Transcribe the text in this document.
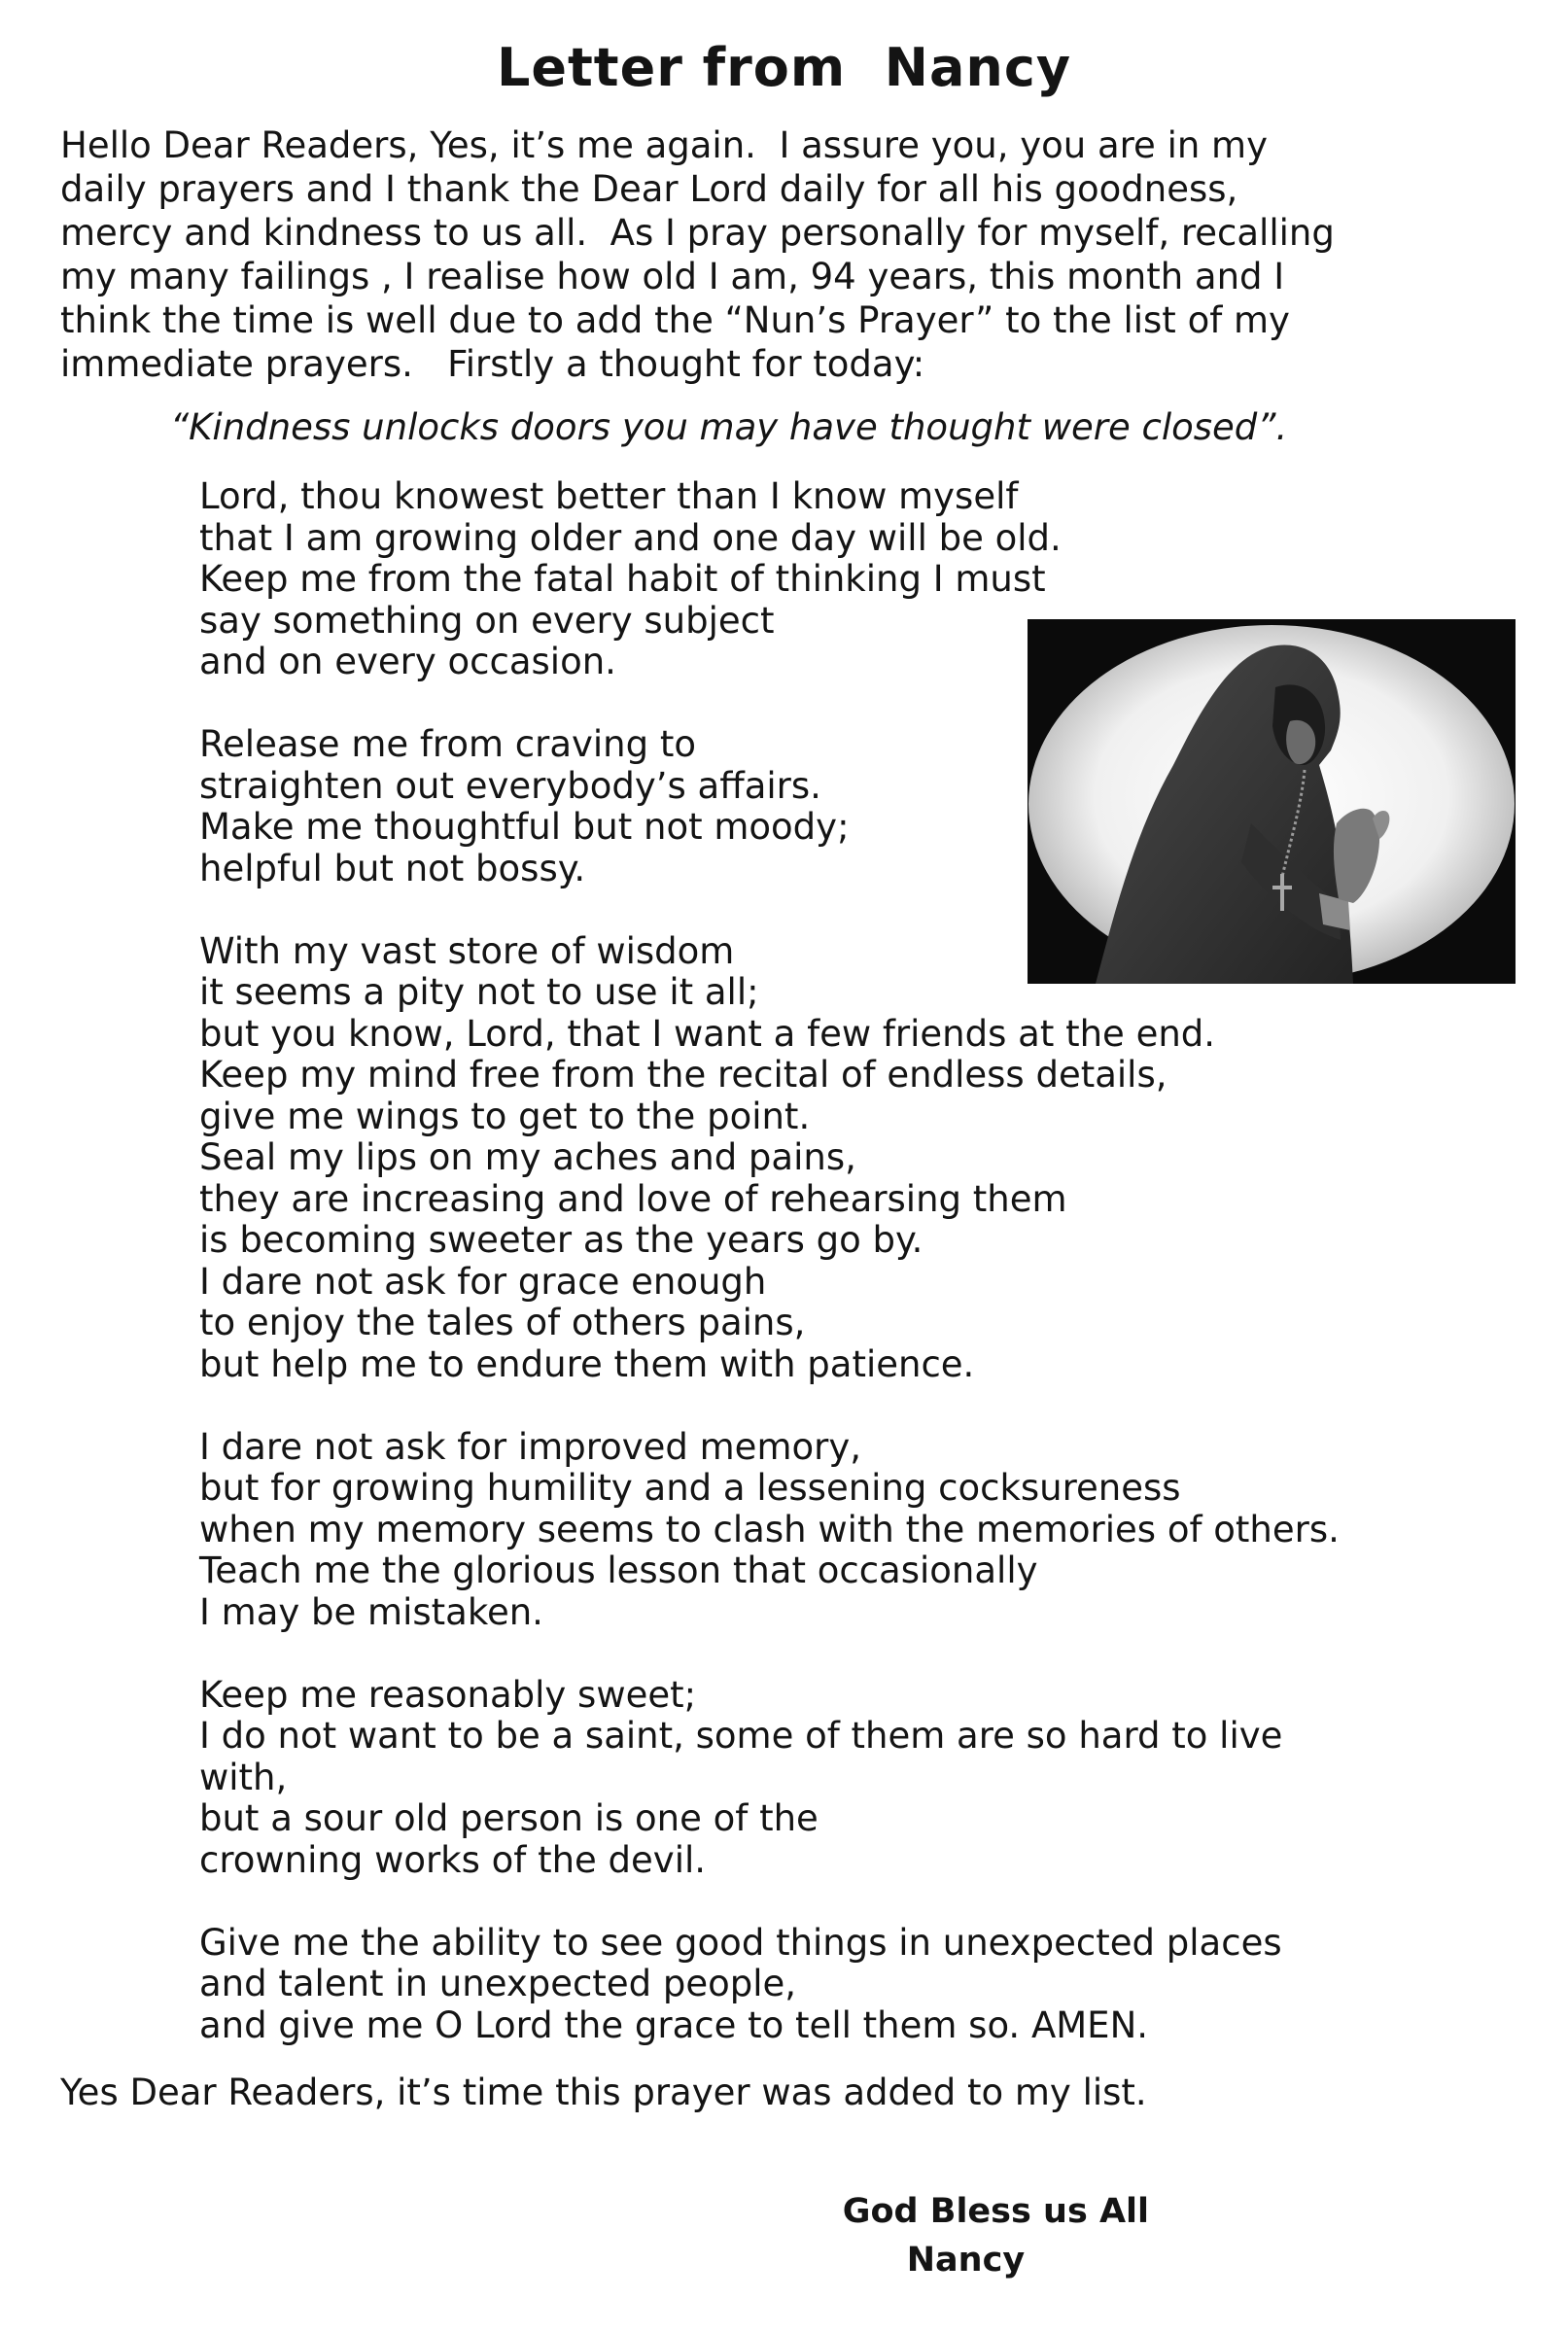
Letter from  Nancy
Hello Dear Readers, Yes, it’s me again.  I assure you, you are in my
daily prayers and I thank the Dear Lord daily for all his goodness,
mercy and kindness to us all.  As I pray personally for myself, recalling
my many failings , I realise how old I am, 94 years, this month and I
think the time is well due to add the “Nun’s Prayer” to the list of my
immediate prayers.   Firstly a thought for today:
“Kindness unlocks doors you may have thought were closed”.
Lord, thou knowest better than I know myself
that I am growing older and one day will be old.
Keep me from the fatal habit of thinking I must
say something on every subject
and on every occasion.
Release me from craving to
straighten out everybody’s affairs.
Make me thoughtful but not moody;
helpful but not bossy.
With my vast store of wisdom
it seems a pity not to use it all;
but you know, Lord, that I want a few friends at the end.
Keep my mind free from the recital of endless details,
give me wings to get to the point.
Seal my lips on my aches and pains,
they are increasing and love of rehearsing them
is becoming sweeter as the years go by.
I dare not ask for grace enough
to enjoy the tales of others pains,
but help me to endure them with patience.
I dare not ask for improved memory,
but for growing humility and a lessening cocksureness
when my memory seems to clash with the memories of others.
Teach me the glorious lesson that occasionally
I may be mistaken.
Keep me reasonably sweet;
I do not want to be a saint, some of them are so hard to live
with,
but a sour old person is one of the
crowning works of the devil.
Give me the ability to see good things in unexpected places
and talent in unexpected people,
and give me O Lord the grace to tell them so. AMEN.
Yes Dear Readers, it’s time this prayer was added to my list.

God Bless us All
Nancy
